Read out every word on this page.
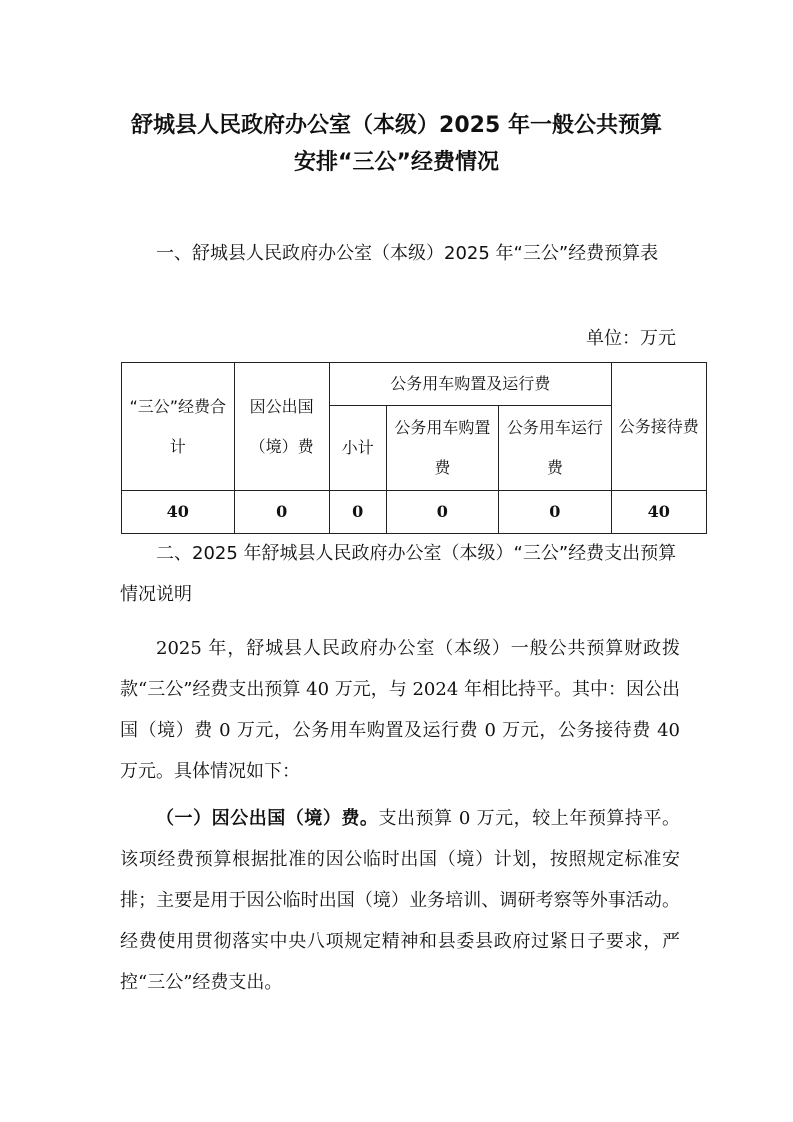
舒城县人民政府办公室（本级）2025 年一般公共预算
安排“三公”经费情况
一、舒城县人民政府办公室（本级）2025 年“三公”经费预算表
单位：万元
“三公”经费合计	因公出国（境）费	公务用车购置及运行费			公务接待费
		小计	公务用车购置费	公务用车运行费	
40	0	0	0	0	40
二、2025 年舒城县人民政府办公室（本级）“三公”经费支出预算情况说明
2025 年，舒城县人民政府办公室（本级）一般公共预算财政拨款“三公”经费支出预算 40 万元，与 2024 年相比持平。其中：因公出国（境）费 0 万元，公务用车购置及运行费 0 万元，公务接待费 40 万元。具体情况如下：
（一）因公出国（境）费。支出预算 0 万元，较上年预算持平。该项经费预算根据批准的因公临时出国（境）计划，按照规定标准安排；主要是用于因公临时出国（境）业务培训、调研考察等外事活动。经费使用贯彻落实中央八项规定精神和县委县政府过紧日子要求，严控“三公”经费支出。
